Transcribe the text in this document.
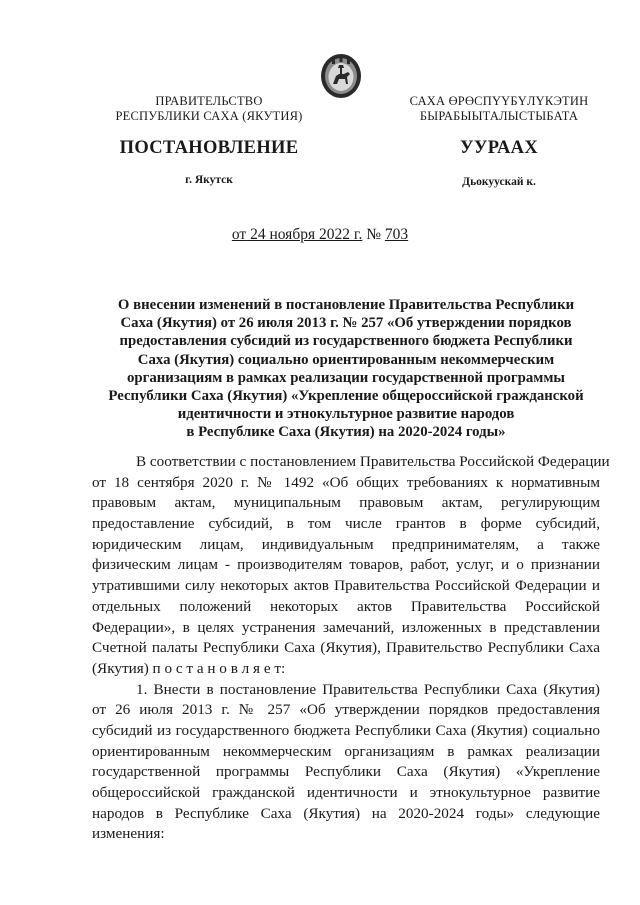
ПРАВИТЕЛЬСТВО
РЕСПУБЛИКИ САХА (ЯКУТИЯ)
САХА ӨРӨСПҮҮБҮЛҮКЭТИН
БЫРАБЫЫТАЛЫСТЫБАТА
ПОСТАНОВЛЕНИЕ	УУРААХ
г. Якутск	Дьокуускай к.
от 24 ноября 2022 г. № 703
О внесении изменений в постановление Правительства Республики
Саха (Якутия) от 26 июля 2013 г. № 257 «Об утверждении порядков
предоставления субсидий из государственного бюджета Республики
Саха (Якутия) социально ориентированным некоммерческим
организациям в рамках реализации государственной программы
Республики Саха (Якутия) «Укрепление общероссийской гражданской
идентичности и этнокультурное развитие народов
в Республике Саха (Якутия) на 2020-2024 годы»
В соответствии с постановлением Правительства Российской Федерации
от 18 сентября 2020 г. № 1492 «Об общих требованиях к нормативным
правовым актам, муниципальным правовым актам, регулирующим
предоставление субсидий, в том числе грантов в форме субсидий,
юридическим лицам, индивидуальным предпринимателям, а также
физическим лицам - производителям товаров, работ, услуг, и о признании
утратившими силу некоторых актов Правительства Российской Федерации и
отдельных положений некоторых актов Правительства Российской
Федерации», в целях устранения замечаний, изложенных в представлении
Счетной палаты Республики Саха (Якутия), Правительство Республики Саха
(Якутия) п о с т а н о в л я е т:
1. Внести в постановление Правительства Республики Саха (Якутия)
от 26 июля 2013 г. № 257 «Об утверждении порядков предоставления
субсидий из государственного бюджета Республики Саха (Якутия) социально
ориентированным некоммерческим организациям в рамках реализации
государственной программы Республики Саха (Якутия) «Укрепление
общероссийской гражданской идентичности и этнокультурное развитие
народов в Республике Саха (Якутия) на 2020-2024 годы» следующие
изменения:
